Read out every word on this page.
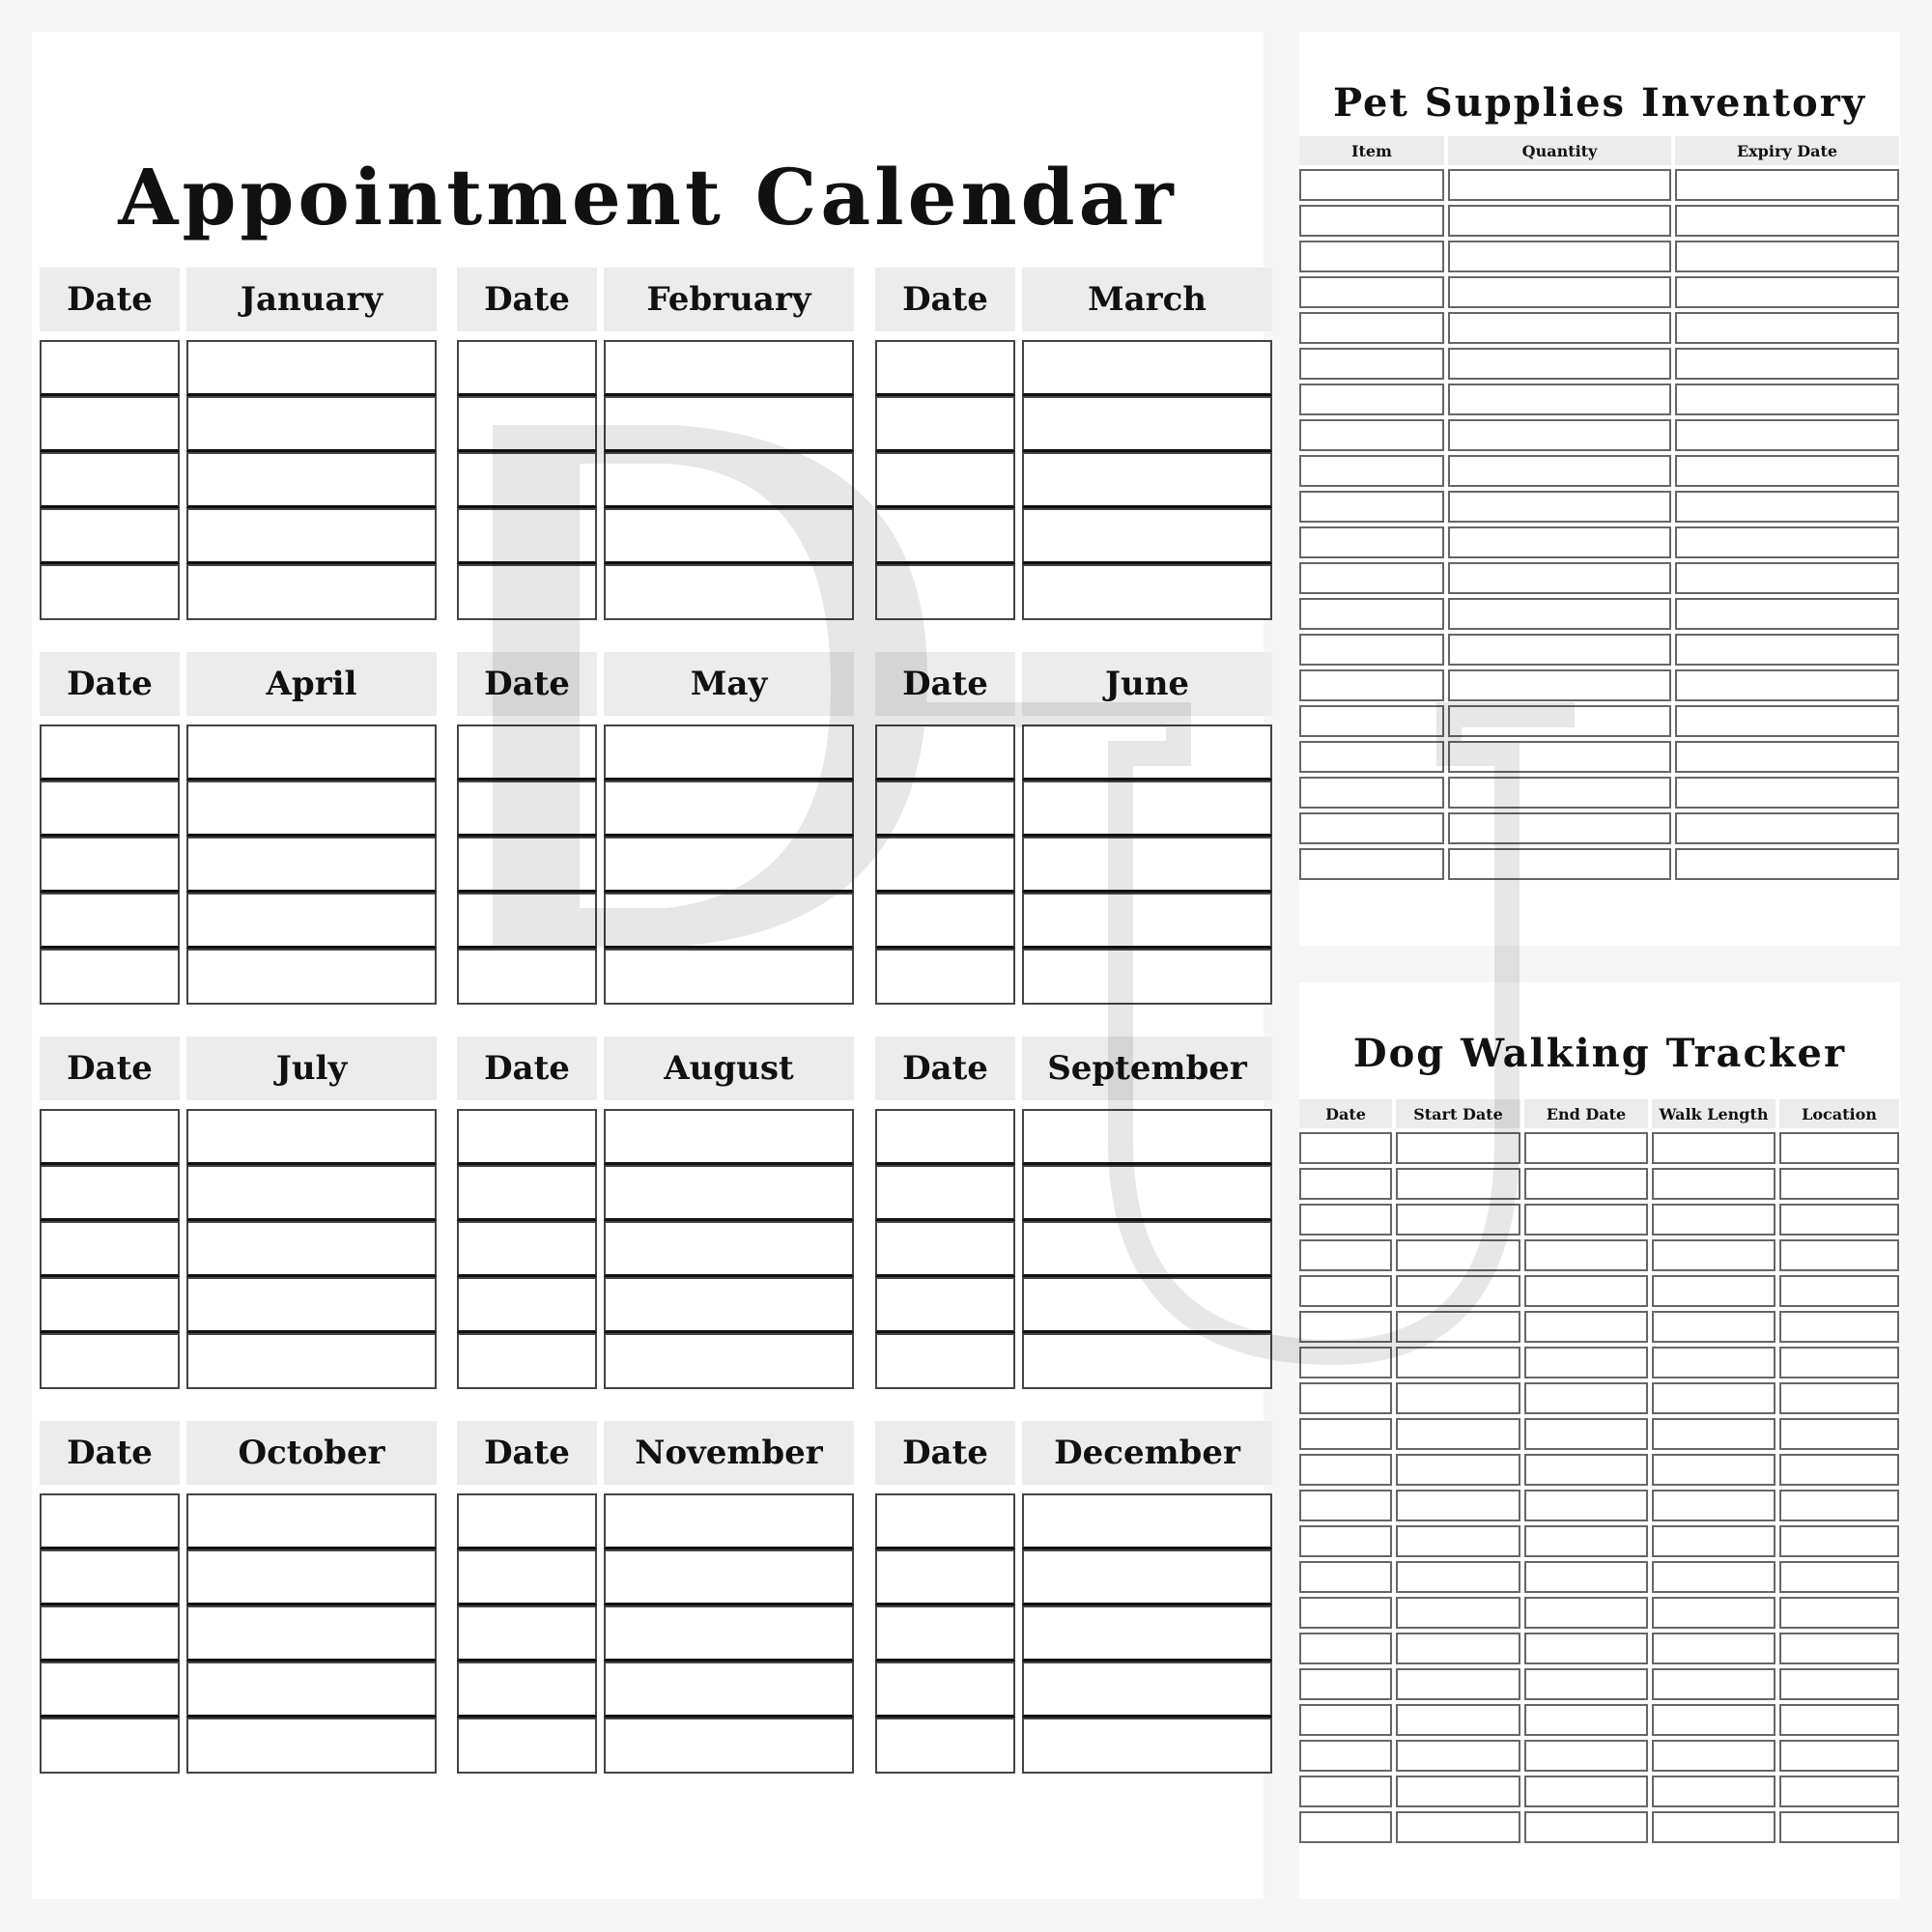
Appointment Calendar
Date	January	Date	February	Date	March
Date	April	Date	May	Date	June
Date	July	Date	August	Date	September
Date	October	Date	November	Date	December
Pet Supplies Inventory
Item	Quantity	Expiry Date
Dog Walking Tracker
Date	Start Date	End Date	Walk Length	Location
